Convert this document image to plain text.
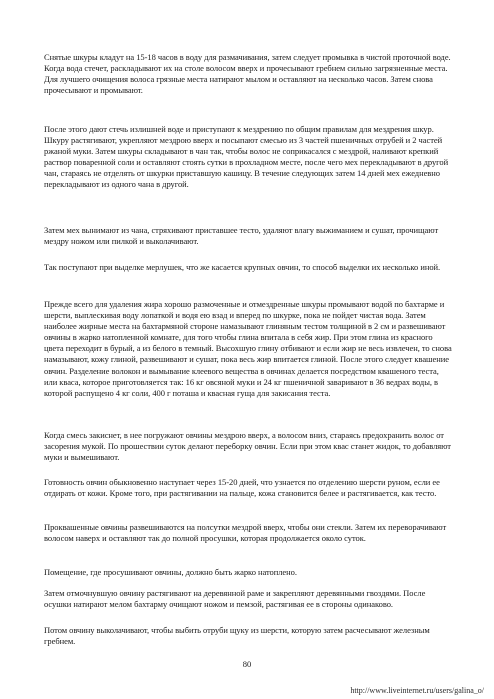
Снятые шкуры кладут на 15-18 часов в воду для размачивания, затем следует промывка в чистой проточной воде. Когда вода стечет, раскладывают их на столе волосом вверх и прочесывают гребнем сильно загрязненные места. Для лучшего очищения волоса грязные места натирают мылом и оставляют на несколько часов. Затем снова прочесывают и промывают.

После этого дают стечь излишней воде и приступают к мездрению по общим правилам для мездрения шкур. Шкуру растягивают, укрепляют мездрою вверх и посыпают смесью из 3 частей пшеничных отрубей и 2 частей ржаной муки. Затем шкуры складывают в чан так, чтобы волос не соприкасался с мездрой, наливают крепкий раствор поваренной соли и оставляют стоять сутки в прохладном месте, после чего мех перекладывают в другой чан, стараясь не отделять от шкурки приставшую кашицу. В течение следующих затем 14 дней мех ежедневно перекладывают из одного чана в другой.

Затем мех вынимают из чана, стряхивают приставшее тесто, удаляют влагу выжиманием и сушат, прочищают мездру ножом или пилкой и выколачивают.

Так поступают при выделке мерлушек, что же касается крупных овчин, то способ выделки их несколько иной.

Прежде всего для удаления жира хорошо размоченные и отмездренные шкуры промывают водой по бахтарме и шерсти, выплескивая воду лопаткой и водя ею взад и вперед по шкурке, пока не пойдет чистая вода. Затем наиболее жирные места на бахтармяной стороне намазывают глиняным тестом толщиной в 2 см и развешивают овчины в жарко натопленной комнате, для того чтобы глина впитала в себя жир. При этом глина из красного цвета переходит в бурый, а из белого в темный. Высохшую глину отбивают и если жир не весь извлечен, то снова намазывают, кожу глиной, развешивают и сушат, пока весь жир впитается глиной. После этого следует квашение овчин. Разделение волокон и вымывание клеевого вещества в овчинах делается посредством квашеного теста, или кваса, которое приготовляется так: 16 кг овсяной муки и 24 кг пшеничной заваривают в 36 ведрах воды, в которой распущено 4 кг соли, 400 г поташа и квасная гуща для закисания теста.

Когда смесь закиснет, в нее погружают овчины мездрою вверх, а волосом вниз, стараясь предохранить волос от засорения мукой. По прошествии суток делают переборку овчин. Если при этом квас станет жидок, то добавляют муки и вымешивают.

Готовность овчин обыкновенно наступает через 15-20 дней, что узнается по отделению шерсти руном, если ее отдирать от кожи. Кроме того, при растягивании на пальце, кожа становится белее и растягивается, как тесто.

Проквашенные овчины развешиваются на полсутки мездрой вверх, чтобы они стекли. Затем их переворачивают волосом наверх и оставляют так до полной просушки, которая продолжается около суток.

Помещение, где просушивают овчины, должно быть жарко натоплено.

Затем отмочнувшую овчину растягивают на деревянной раме и закрепляют деревянными гвоздями. После осушки натирают мелом бахтарму очищают ножом и пемзой, растягивая ее в стороны одинаково.

Потом овчину выколачивают, чтобы выбить отруби щуку из шерсти, которую затем расчесывают железным гребнем.

80
http://www.liveinternet.ru/users/galina_o/
